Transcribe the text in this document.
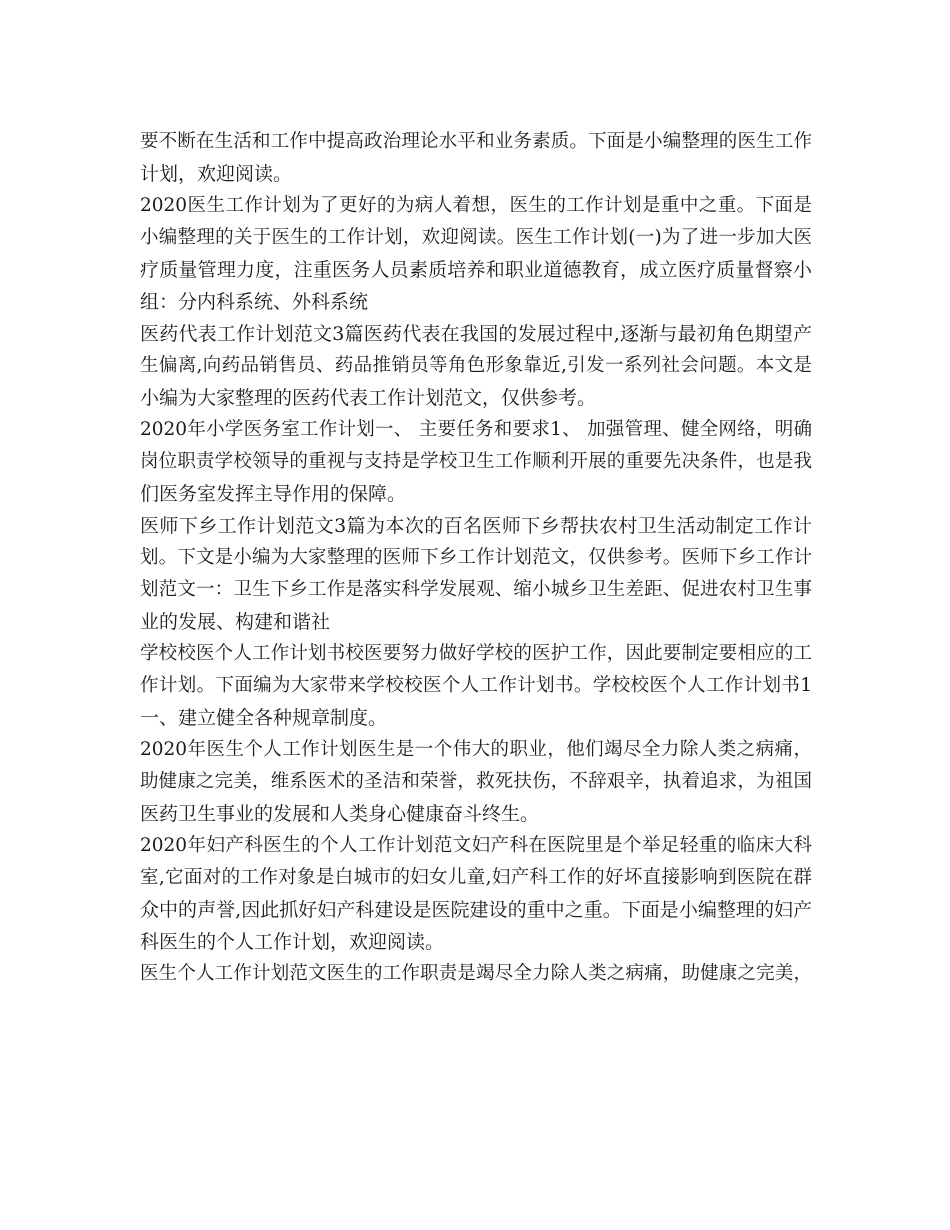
要不断在生活和工作中提高政治理论水平和业务素质。下面是小编整理的医生工作
计划，欢迎阅读。
2020医生工作计划为了更好的为病人着想，医生的工作计划是重中之重。下面是
小编整理的关于医生的工作计划，欢迎阅读。医生工作计划(一)为了进一步加大医
疗质量管理力度，注重医务人员素质培养和职业道德教育，成立医疗质量督察小
组：分内科系统、外科系统
医药代表工作计划范文3篇医药代表在我国的发展过程中,逐渐与最初角色期望产
生偏离,向药品销售员、药品推销员等角色形象靠近,引发一系列社会问题。本文是
小编为大家整理的医药代表工作计划范文，仅供参考。
2020年小学医务室工作计划一、 主要任务和要求1、 加强管理、健全网络，明确
岗位职责学校领导的重视与支持是学校卫生工作顺利开展的重要先决条件，也是我
们医务室发挥主导作用的保障。
医师下乡工作计划范文3篇为本次的百名医师下乡帮扶农村卫生活动制定工作计
划。下文是小编为大家整理的医师下乡工作计划范文，仅供参考。医师下乡工作计
划范文一：卫生下乡工作是落实科学发展观、缩小城乡卫生差距、促进农村卫生事
业的发展、构建和谐社
学校校医个人工作计划书校医要努力做好学校的医护工作，因此要制定要相应的工
作计划。下面编为大家带来学校校医个人工作计划书。学校校医个人工作计划书1
一、建立健全各种规章制度。
2020年医生个人工作计划医生是一个伟大的职业，他们竭尽全力除人类之病痛，
助健康之完美，维系医术的圣洁和荣誉，救死扶伤，不辞艰辛，执着追求，为祖国
医药卫生事业的发展和人类身心健康奋斗终生。
2020年妇产科医生的个人工作计划范文妇产科在医院里是个举足轻重的临床大科
室,它面对的工作对象是白城市的妇女儿童,妇产科工作的好坏直接影响到医院在群
众中的声誉,因此抓好妇产科建设是医院建设的重中之重。下面是小编整理的妇产
科医生的个人工作计划，欢迎阅读。
医生个人工作计划范文医生的工作职责是竭尽全力除人类之病痛，助健康之完美，
